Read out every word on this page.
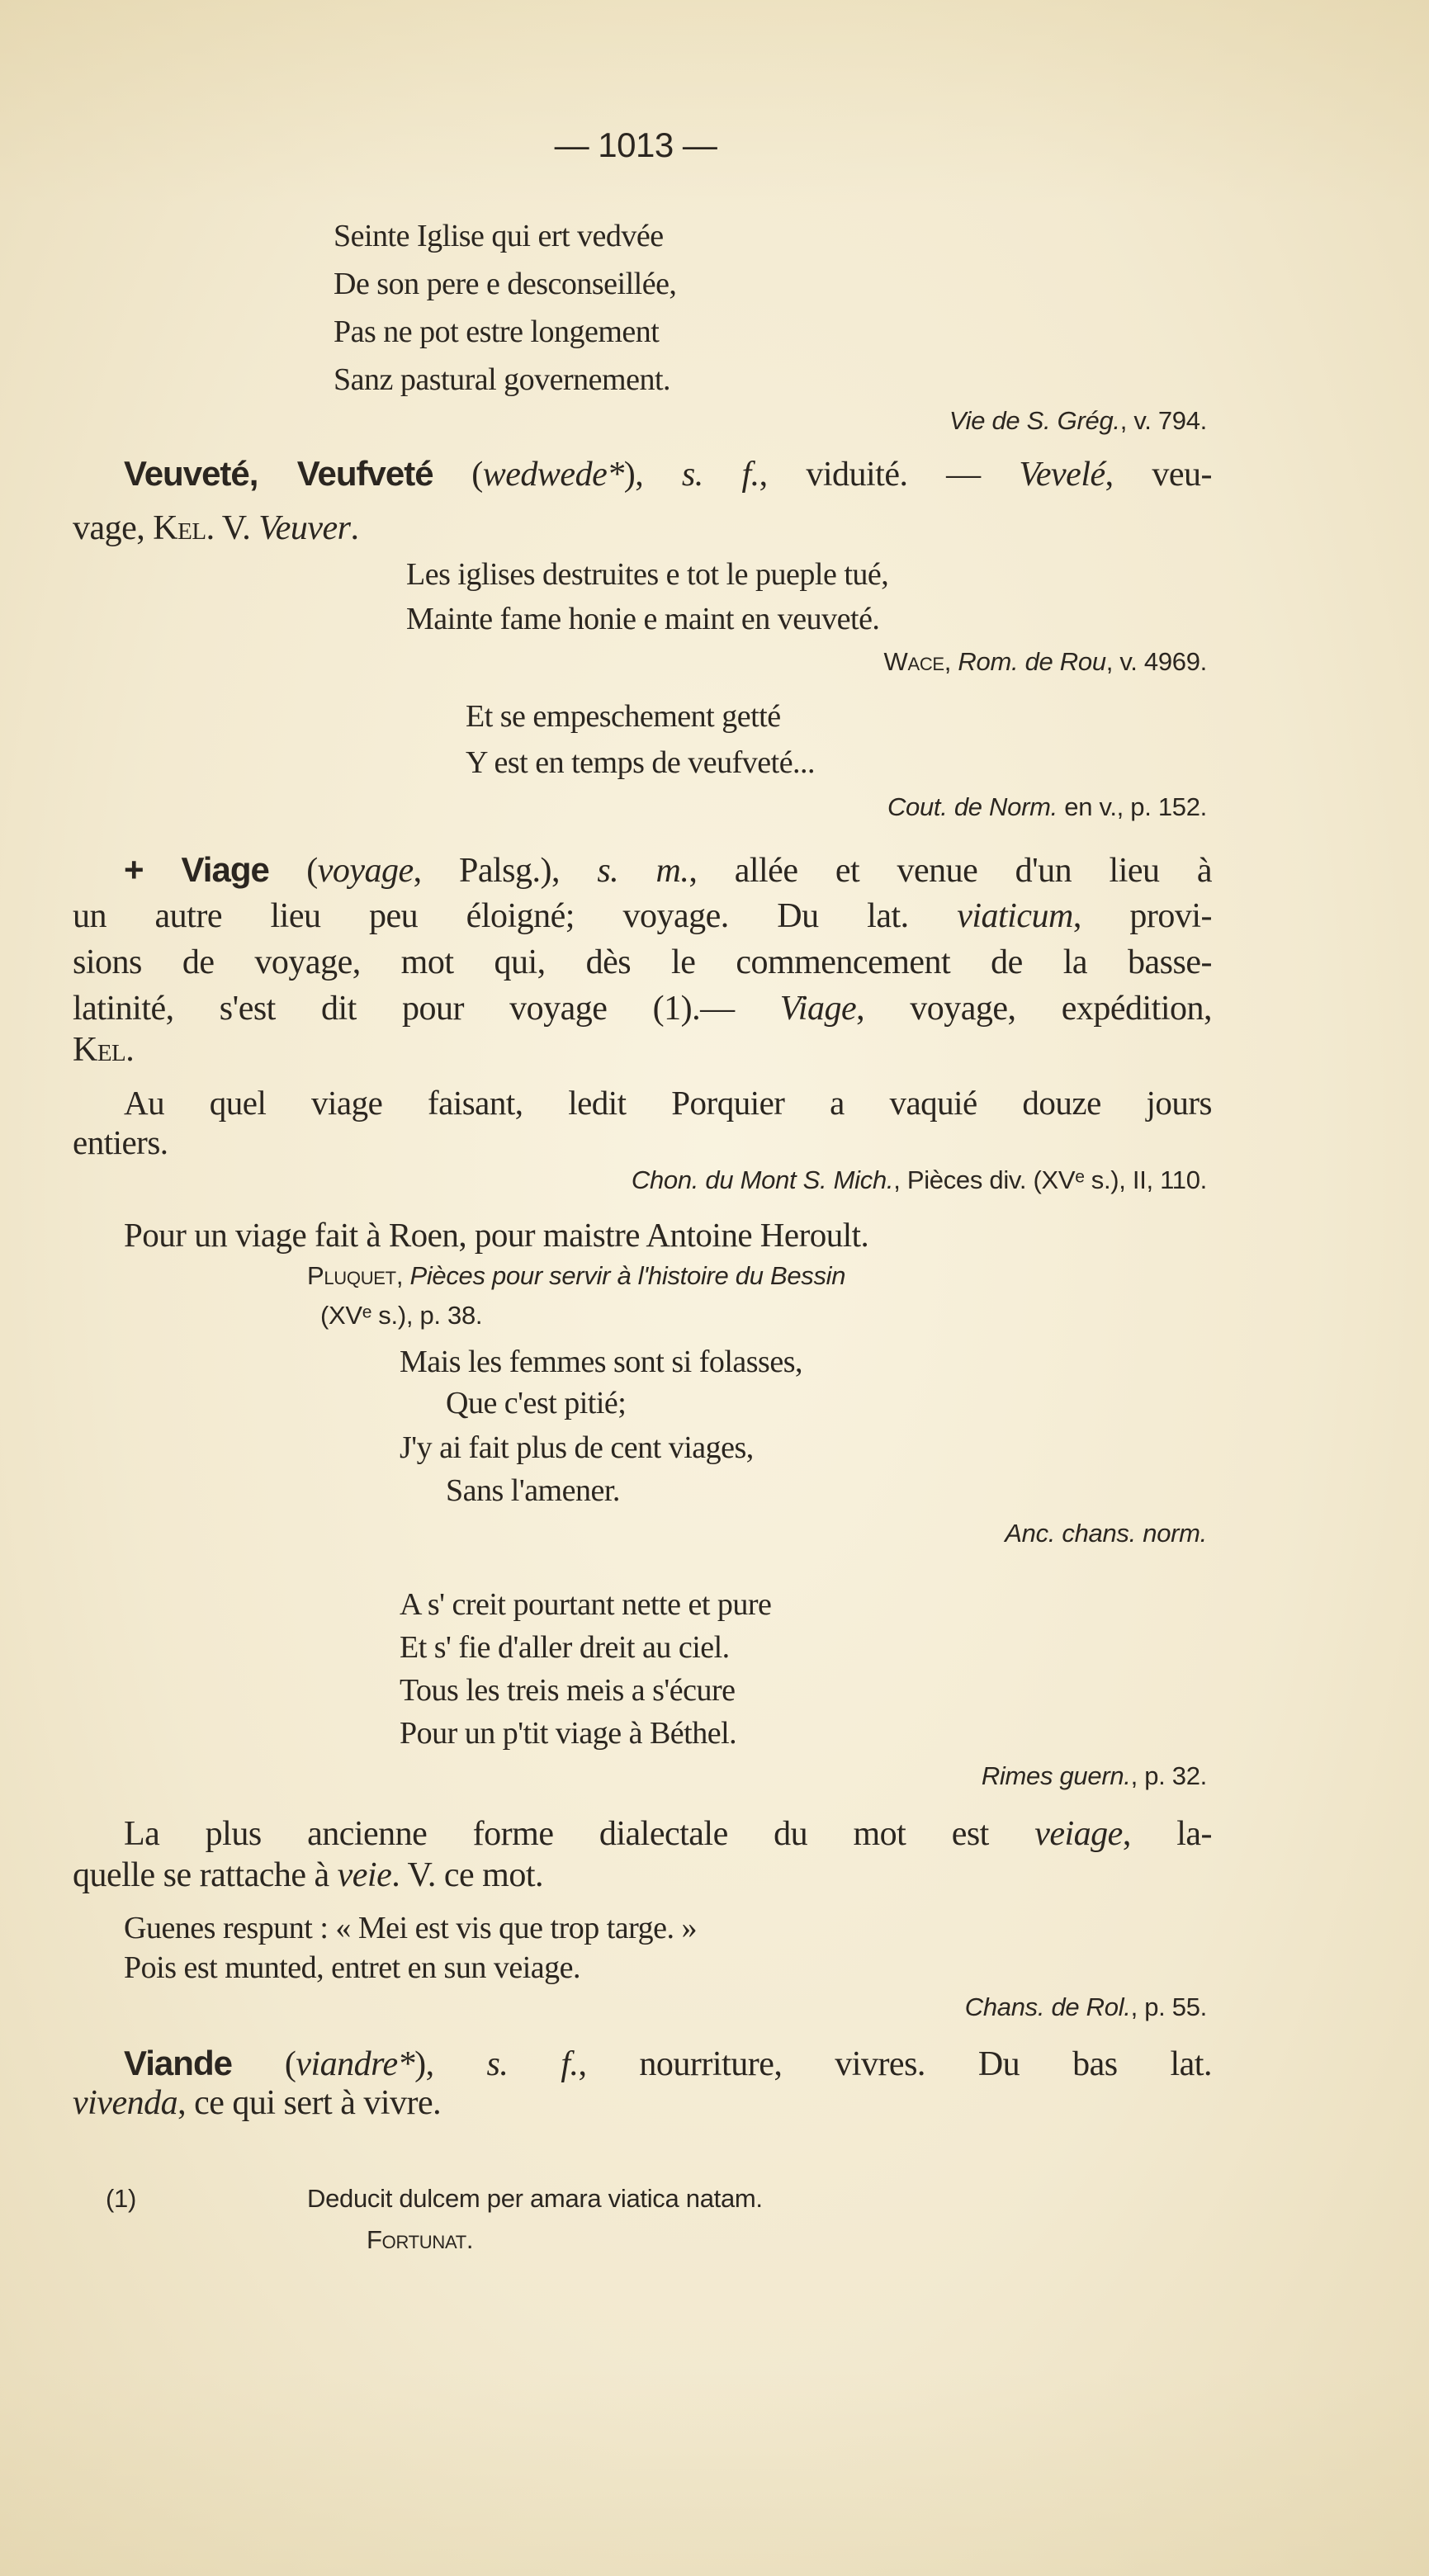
— 1013 —
Seinte Iglise qui ert vedvée
De son pere e desconseillée,
Pas ne pot estre longement
Sanz pastural governement.
Vie de S. Grég., v. 794.
Veuveté, Veufveté (wedwede*), s. f., viduité. — Vevelé, veu-
vage, Kel. V. Veuver.
Les iglises destruites e tot le pueple tué,
Mainte fame honie e maint en veuveté.
Wace, Rom. de Rou, v. 4969.
Et se empeschement getté
Y est en temps de veufveté...
Cout. de Norm. en v., p. 152.
+ Viage (voyage, Palsg.), s. m., allée et venue d'un lieu à
un autre lieu peu éloigné; voyage. Du lat. viaticum, provi-
sions de voyage, mot qui, dès le commencement de la basse-
latinité, s'est dit pour voyage (1).— Viage, voyage, expédition,
Kel.
Au quel viage faisant, ledit Porquier a vaquié douze jours
entiers.
Chon. du Mont S. Mich., Pièces div. (XVᵉ s.), II, 110.
Pour un viage fait à Roen, pour maistre Antoine Heroult.
Pluquet, Pièces pour servir à l'histoire du Bessin
(XVᵉ s.), p. 38.
Mais les femmes sont si folasses,
Que c'est pitié;
J'y ai fait plus de cent viages,
Sans l'amener.
Anc. chans. norm.
A s' creit pourtant nette et pure
Et s' fie d'aller dreit au ciel.
Tous les treis meis a s'écure
Pour un p'tit viage à Béthel.
Rimes guern., p. 32.
La plus ancienne forme dialectale du mot est veiage, la-
quelle se rattache à veie. V. ce mot.
Guenes respunt : « Mei est vis que trop targe. »
Pois est munted, entret en sun veiage.
Chans. de Rol., p. 55.
Viande (viandre*), s. f., nourriture, vivres. Du bas lat.
vivenda, ce qui sert à vivre.
(1)	Deducit dulcem per amara viatica natam.
Fortunat.
